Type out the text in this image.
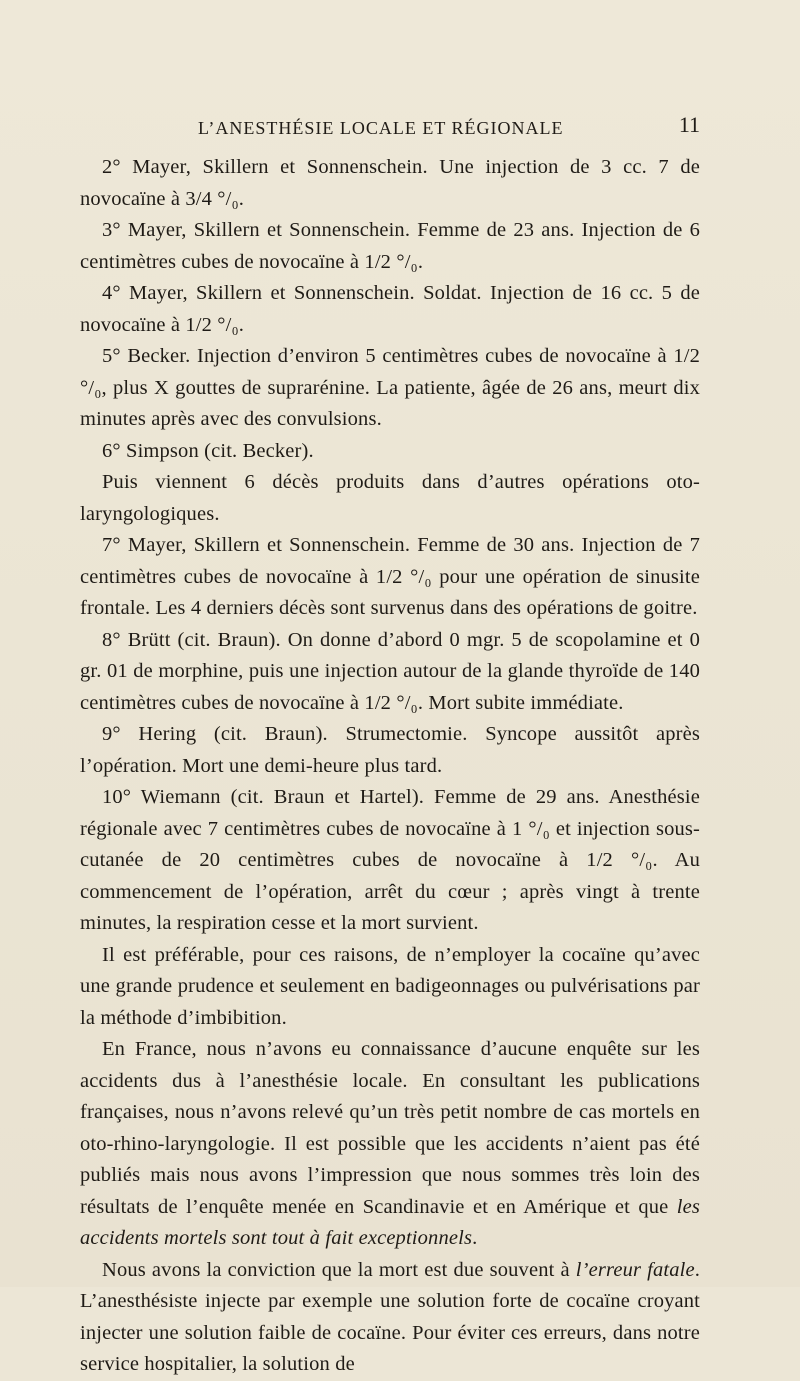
L’ANESTHÉSIE LOCALE ET RÉGIONALE	11

2° Mayer, Skillern et Sonnenschein. Une injection de 3 cc. 7 de novocaïne à 3/4 °/₀.

3° Mayer, Skillern et Sonnenschein. Femme de 23 ans. Injection de 6 centimètres cubes de novocaïne à 1/2 °/₀.

4° Mayer, Skillern et Sonnenschein. Soldat. Injection de 16 cc. 5 de novocaïne à 1/2 °/₀.

5° Becker. Injection d’environ 5 centimètres cubes de novocaïne à 1/2 °/₀, plus X gouttes de suprarénine. La patiente, âgée de 26 ans, meurt dix minutes après avec des convulsions.

6° Simpson (cit. Becker).

Puis viennent 6 décès produits dans d’autres opérations oto-laryngologiques.

7° Mayer, Skillern et Sonnenschein. Femme de 30 ans. Injection de 7 centimètres cubes de novocaïne à 1/2 °/₀ pour une opération de sinusite frontale. Les 4 derniers décès sont survenus dans des opérations de goitre.

8° Brütt (cit. Braun). On donne d’abord 0 mgr. 5 de scopolamine et 0 gr. 01 de morphine, puis une injection autour de la glande thyroïde de 140 centimètres cubes de novocaïne à 1/2 °/₀. Mort subite immédiate.

9° Hering (cit. Braun). Strumectomie. Syncope aussitôt après l’opération. Mort une demi-heure plus tard.

10° Wiemann (cit. Braun et Hartel). Femme de 29 ans. Anesthésie régionale avec 7 centimètres cubes de novocaïne à 1 °/₀ et injection sous-cutanée de 20 centimètres cubes de novocaïne à 1/2 °/₀. Au commencement de l’opération, arrêt du cœur ; après vingt à trente minutes, la respiration cesse et la mort survient.

Il est préférable, pour ces raisons, de n’employer la cocaïne qu’avec une grande prudence et seulement en badigeonnages ou pulvérisations par la méthode d’imbibition.

En France, nous n’avons eu connaissance d’aucune enquête sur les accidents dus à l’anesthésie locale. En consultant les publications françaises, nous n’avons relevé qu’un très petit nombre de cas mortels en oto-rhino-laryngologie. Il est possible que les accidents n’aient pas été publiés mais nous avons l’impression que nous sommes très loin des résultats de l’enquête menée en Scandinavie et en Amérique et que les accidents mortels sont tout à fait exceptionnels.

Nous avons la conviction que la mort est due souvent à l’erreur fatale. L’anesthésiste injecte par exemple une solution forte de cocaïne croyant injecter une solution faible de cocaïne. Pour éviter ces erreurs, dans notre service hospitalier, la solution de
